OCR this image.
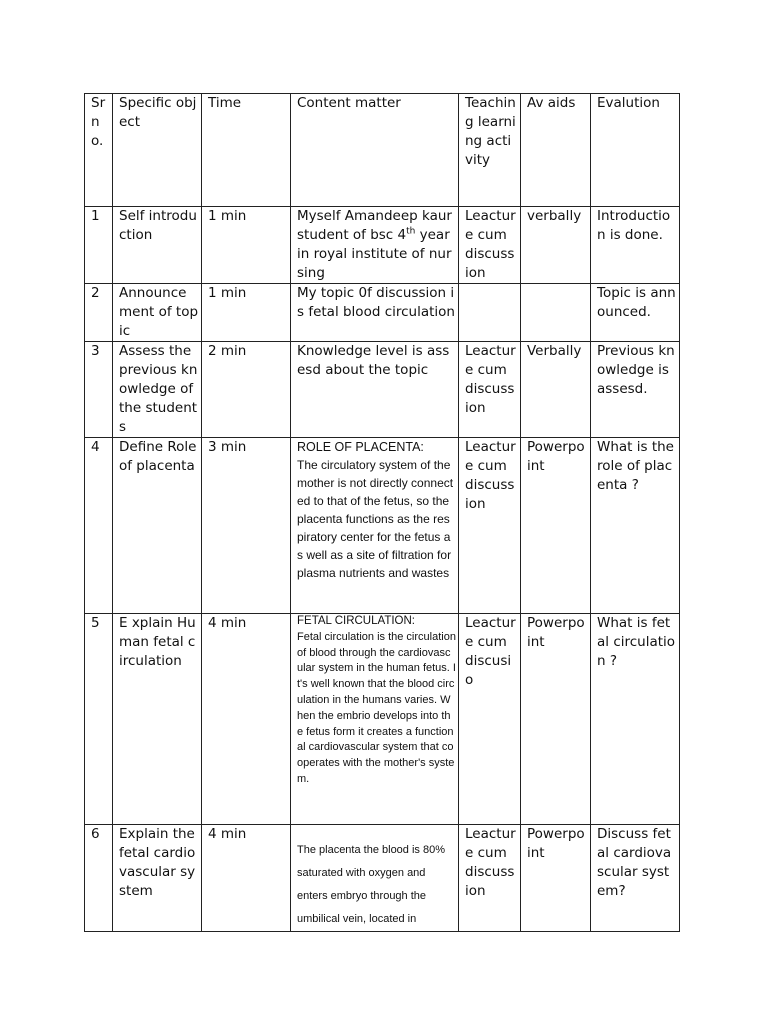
Sr no.	Specific object	Time	Content matter	Teaching learning activity	Av aids	Evalution
1	Self introduction	1 min	Myself Amandeep kaur student of bsc 4th year in royal institute of nursing	Leacture cum discussion	verbally	Introduction is done.
2	Announcement of topic	1 min	My topic 0f discussion is fetal blood circulation			Topic is announced.
3	Assess the previous knowledge of the students	2 min	Knowledge level is assesd about the topic	Leacture cum discussion	Verbally	Previous knowledge is assesd.
4	Define Role of placenta	3 min	ROLE OF PLACENTA:
The circulatory system of the mother is not directly connected to that of the fetus, so the placenta functions as the respiratory center for the fetus as well as a site of filtration for plasma nutrients and wastes	Leacture cum discussion	Powerpoint	What is the role of placenta ?
5	E xplain Human fetal circulation	4 min	FETAL CIRCULATION:
Fetal circulation is the circulation of blood through the cardiovascular system in the human fetus. It's well known that the blood circulation in the humans varies. When the embrio develops into the fetus form it creates a functional cardiovascular system that cooperates with the mother's system.	Leacture cum discusio	Powerpoint	What is fetal circulation ?
6	Explain the fetal cardiovascular system	4 min	The placenta the blood is 80% saturated with oxygen and enters embryo through the umbilical vein, located in	Leacture cum discussion	Powerpoint	Discuss fetal cardiovascular system?
